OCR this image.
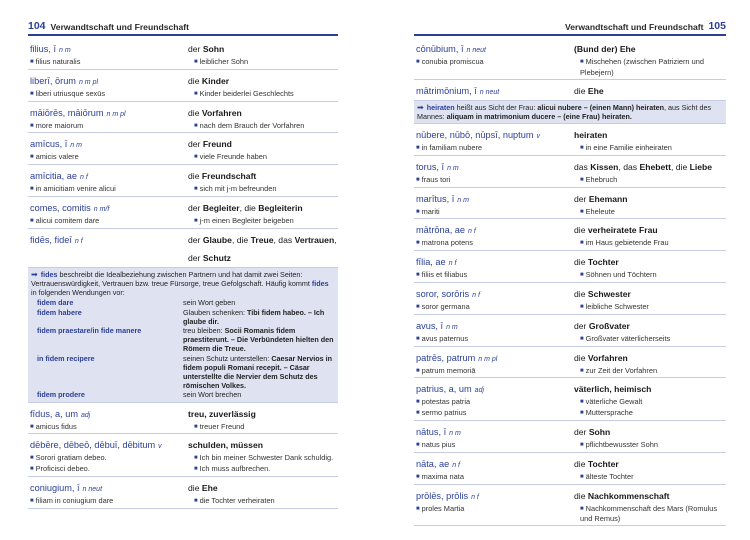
104 Verwandtschaft und Freundschaft
filius, ī n m	der Sohn
■ filius naturalis	■ leiblicher Sohn
liberī, ōrum n m pl	die Kinder
■ liberi utriusque sexūs	■ Kinder beiderlei Geschlechts
māiōrēs, māiōrum n m pl	die Vorfahren
■ more maiorum	■ nach dem Brauch der Vorfahren
amīcus, ī n m	der Freund
■ amicis valere	■ viele Freunde haben
amīcitia, ae n f	die Freundschaft
■ in amicitiam venire alicui	■ sich mit j-m befreunden
comes, comitis n m/f	der Begleiter, die Begleiterin
■ alicui comitem dare	■ j-m einen Begleiter beigeben
fidēs, fideī n f	der Glaube, die Treue, das Vertrauen, der Schutz
➡ fides beschreibt die Idealbeziehung zwischen Partnern und hat damit zwei Seiten: Vertrauenswürdigkeit, Vertrauen bzw. treue Fürsorge, treue Gefolgschaft. Häufig kommt fides in folgenden Wendungen vor:
fidem dare	sein Wort geben
fidem habere	Glauben schenken: Tibi fidem habeo. – Ich glaube dir.
fidem praestare/in fide manere	treu bleiben: Socii Romanis fidem praestiterunt. – Die Verbündeten hielten den Römern die Treue.
in fidem recipere	seinen Schutz unterstellen: Caesar Nervios in fidem populi Romani recepit. – Cäsar unterstellte die Nervier dem Schutz des römischen Volkes.
fidem prodere	sein Wort brechen
fīdus, a, um adj	treu, zuverlässig
■ amicus fidus	■ treuer Freund
dēbēre, dēbeō, dēbuī, dēbitum v	schulden, müssen
■ Sorori gratiam debeo.	■ Ich bin meiner Schwester Dank schuldig.
■ Proficisci debeo.	■ Ich muss aufbrechen.
coniugium, ī n neut	die Ehe
■ filiam in coniugium dare	■ die Tochter verheiraten
Verwandtschaft und Freundschaft 105
cōnūbium, ī n neut	(Bund der) Ehe
■ conubia promiscua	■ Mischehen (zwischen Patriziern und Plebejern)
mātrimōnium, ī n neut	die Ehe
➡ heiraten heißt aus Sicht der Frau: alicui nubere – (einen Mann) heiraten, aus Sicht des Mannes: aliquam in matrimonium ducere – (eine Frau) heiraten.
nūbere, nūbō, nūpsī, nuptum v	heiraten
■ in familiam nubere	■ in eine Familie einheiraten
torus, ī n m	das Kissen, das Ehebett, die Liebe
■ fraus tori	■ Ehebruch
marītus, ī n m	der Ehemann
■ mariti	■ Eheleute
mātrōna, ae n f	die verheiratete Frau
■ matrona potens	■ im Haus gebietende Frau
fīlia, ae n f	die Tochter
■ filiis et filiabus	■ Söhnen und Töchtern
soror, sorōris n f	die Schwester
■ soror germana	■ leibliche Schwester
avus, ī n m	der Großvater
■ avus paternus	■ Großvater väterlicherseits
patrēs, patrum n m pl	die Vorfahren
■ patrum memoriā	■ zur Zeit der Vorfahren
patrius, a, um adj	väterlich, heimisch
■ potestas patria	■ väterliche Gewalt
■ sermo patrius	■ Muttersprache
nātus, ī n m	der Sohn
■ natus pius	■ pflichtbewusster Sohn
nāta, ae n f	die Tochter
■ maxima nata	■ älteste Tochter
prōlēs, prōlis n f	die Nachkommenschaft
■ proles Martia	■ Nachkommenschaft des Mars (Romulus und Remus)
